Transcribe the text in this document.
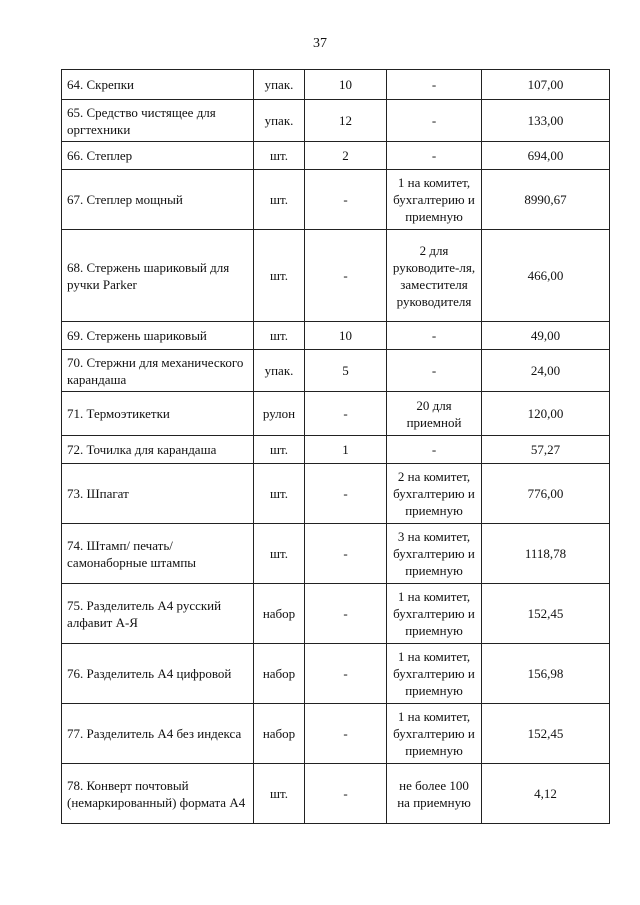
37
64. Скрепки	упак.	10	-	107,00
65. Средство чистящее для оргтехники	упак.	12	-	133,00
66. Степлер	шт.	2	-	694,00
67. Степлер мощный	шт.	-	1 на комитет, бухгалтерию и приемную	8990,67
68. Стержень шариковый для ручки Parker	шт.	-	2 для руководите-ля, заместителя руководителя	466,00
69. Стержень шариковый	шт.	10	-	49,00
70. Стержни для механического карандаша	упак.	5	-	24,00
71. Термоэтикетки	рулон	-	20 для приемной	120,00
72. Точилка для карандаша	шт.	1	-	57,27
73. Шпагат	шт.	-	2 на комитет, бухгалтерию и приемную	776,00
74. Штамп/ печать/самонаборные штампы	шт.	-	3 на комитет, бухгалтерию и приемную	1118,78
75. Разделитель А4 русский алфавит А-Я	набор	-	1 на комитет, бухгалтерию и приемную	152,45
76. Разделитель А4 цифровой	набор	-	1 на комитет, бухгалтерию и приемную	156,98
77. Разделитель А4 без индекса	набор	-	1 на комитет, бухгалтерию и приемную	152,45
78. Конверт почтовый (немаркированный) формата А4	шт.	-	не более 100 на приемную	4,12
